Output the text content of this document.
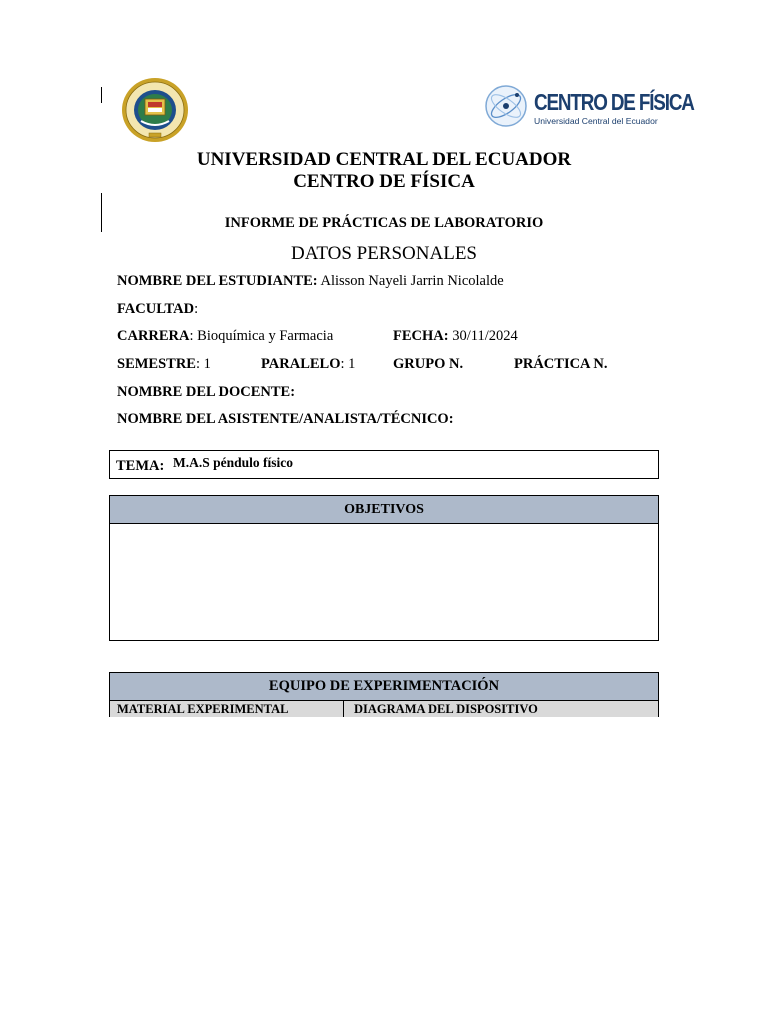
CENTRO DE FÍSICA
Universidad Central del Ecuador
UNIVERSIDAD CENTRAL DEL ECUADOR
CENTRO DE FÍSICA
INFORME DE PRÁCTICAS DE LABORATORIO
DATOS PERSONALES
NOMBRE DEL ESTUDIANTE: Alisson Nayeli Jarrin Nicolalde
FACULTAD:
CARRERA: Bioquímica y Farmacia	FECHA: 30/11/2024
SEMESTRE: 1	PARALELO: 1	GRUPO N.	PRÁCTICA N.
NOMBRE DEL DOCENTE:
NOMBRE DEL ASISTENTE/ANALISTA/TÉCNICO:
TEMA: M.A.S péndulo físico
OBJETIVOS
EQUIPO DE EXPERIMENTACIÓN
MATERIAL EXPERIMENTAL	DIAGRAMA DEL DISPOSITIVO
